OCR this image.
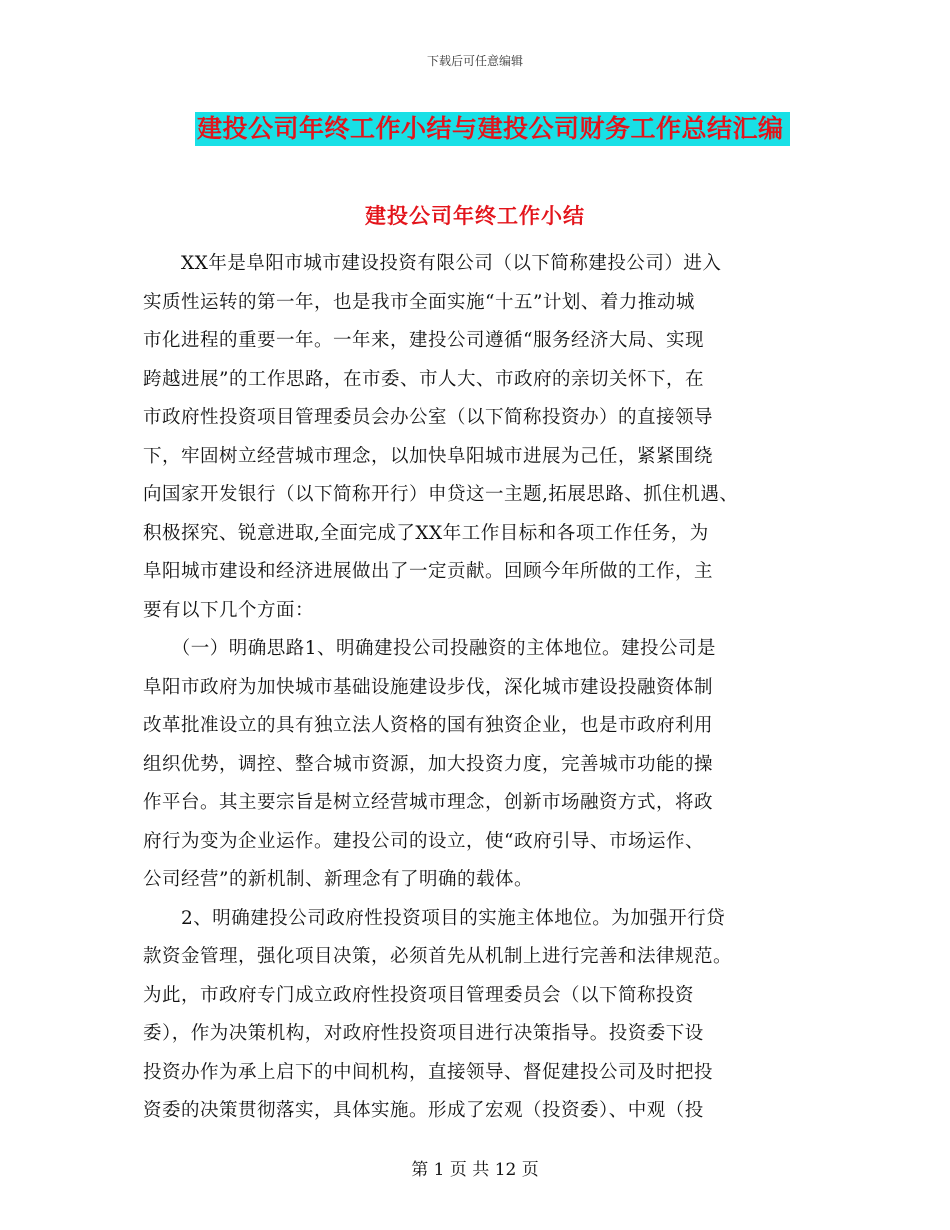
下载后可任意编辑
建投公司年终工作小结与建投公司财务工作总结汇编
建投公司年终工作小结
　　XX年是阜阳市城市建设投资有限公司（以下简称建投公司）进入
实质性运转的第一年，也是我市全面实施“十五”计划、着力推动城
市化进程的重要一年。一年来，建投公司遵循“服务经济大局、实现
跨越进展”的工作思路，在市委、市人大、市政府的亲切关怀下，在
市政府性投资项目管理委员会办公室（以下简称投资办）的直接领导
下，牢固树立经营城市理念，以加快阜阳城市进展为己任，紧紧围绕
向国家开发银行（以下简称开行）申贷这一主题,拓展思路、抓住机遇、
积极探究、锐意进取,全面完成了XX年工作目标和各项工作任务，为
阜阳城市建设和经济进展做出了一定贡献。回顾今年所做的工作，主
要有以下几个方面：
　　（一）明确思路1、明确建投公司投融资的主体地位。建投公司是
阜阳市政府为加快城市基础设施建设步伐，深化城市建设投融资体制
改革批准设立的具有独立法人资格的国有独资企业，也是市政府利用
组织优势，调控、整合城市资源，加大投资力度，完善城市功能的操
作平台。其主要宗旨是树立经营城市理念，创新市场融资方式，将政
府行为变为企业运作。建投公司的设立，使“政府引导、市场运作、
公司经营”的新机制、新理念有了明确的载体。
　　2、明确建投公司政府性投资项目的实施主体地位。为加强开行贷
款资金管理，强化项目决策，必须首先从机制上进行完善和法律规范。
为此，市政府专门成立政府性投资项目管理委员会（以下简称投资
委），作为决策机构，对政府性投资项目进行决策指导。投资委下设
投资办作为承上启下的中间机构，直接领导、督促建投公司及时把投
资委的决策贯彻落实，具体实施。形成了宏观（投资委）、中观（投
第 1 页 共 12 页
